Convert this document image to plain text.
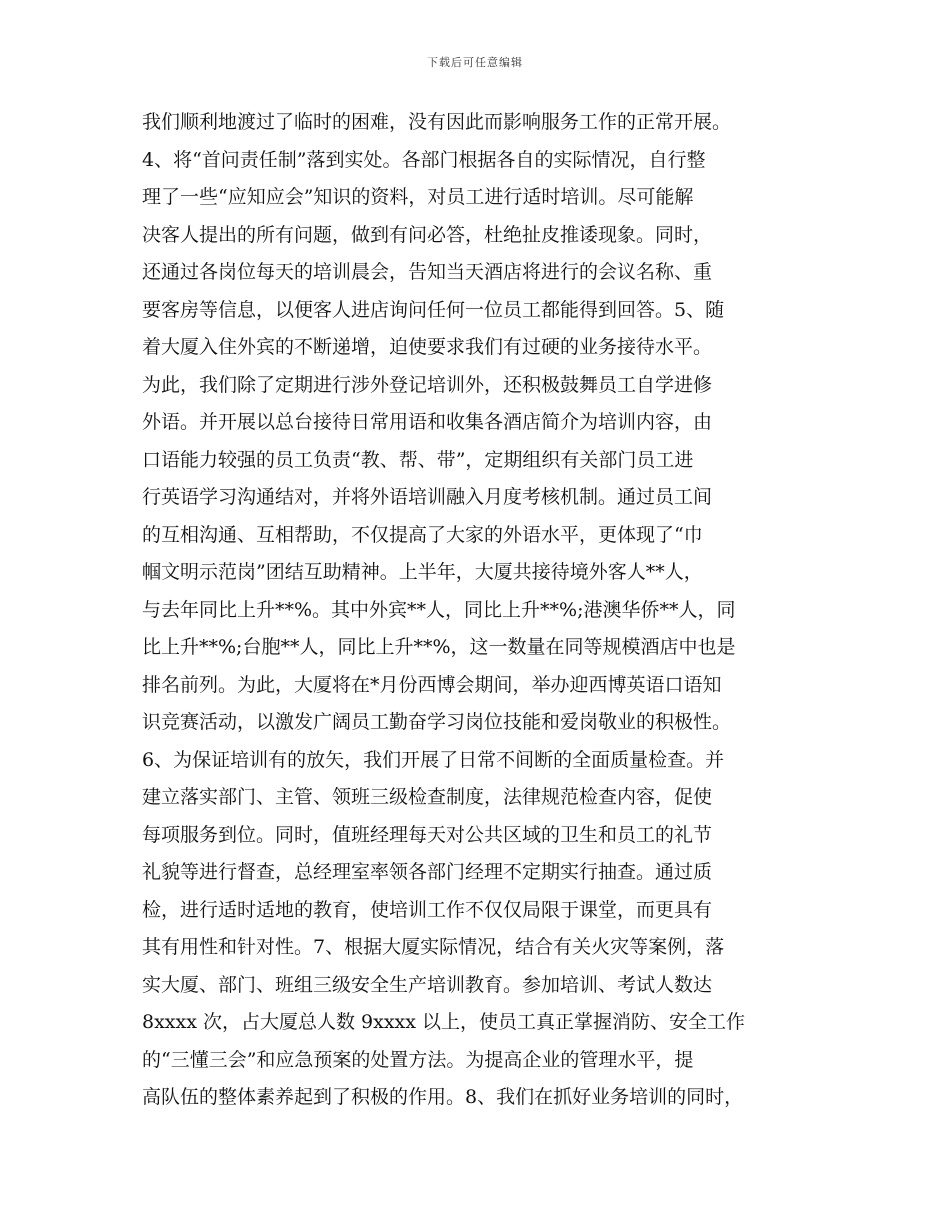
下载后可任意编辑
我们顺利地渡过了临时的困难，没有因此而影响服务工作的正常开展。
4、将“首问责任制”落到实处。各部门根据各自的实际情况，自行整
理了一些“应知应会”知识的资料，对员工进行适时培训。尽可能解
决客人提出的所有问题，做到有问必答，杜绝扯皮推诿现象。同时，
还通过各岗位每天的培训晨会，告知当天酒店将进行的会议名称、重
要客房等信息，以便客人进店询问任何一位员工都能得到回答。5、随
着大厦入住外宾的不断递增，迫使要求我们有过硬的业务接待水平。
为此，我们除了定期进行涉外登记培训外，还积极鼓舞员工自学进修
外语。并开展以总台接待日常用语和收集各酒店简介为培训内容，由
口语能力较强的员工负责“教、帮、带”，定期组织有关部门员工进
行英语学习沟通结对，并将外语培训融入月度考核机制。通过员工间
的互相沟通、互相帮助，不仅提高了大家的外语水平，更体现了“巾
帼文明示范岗”团结互助精神。上半年，大厦共接待境外客人**人，
与去年同比上升**%。其中外宾**人，同比上升**%;港澳华侨**人，同
比上升**%;台胞**人，同比上升**%，这一数量在同等规模酒店中也是
排名前列。为此，大厦将在*月份西博会期间，举办迎西博英语口语知
识竞赛活动，以激发广阔员工勤奋学习岗位技能和爱岗敬业的积极性。
6、为保证培训有的放矢，我们开展了日常不间断的全面质量检查。并
建立落实部门、主管、领班三级检查制度，法律规范检查内容，促使
每项服务到位。同时，值班经理每天对公共区域的卫生和员工的礼节
礼貌等进行督查，总经理室率领各部门经理不定期实行抽查。通过质
检，进行适时适地的教育，使培训工作不仅仅局限于课堂，而更具有
其有用性和针对性。7、根据大厦实际情况，结合有关火灾等案例，落
实大厦、部门、班组三级安全生产培训教育。参加培训、考试人数达
8xxxx 次，占大厦总人数 9xxxx 以上，使员工真正掌握消防、安全工作
的“三懂三会”和应急预案的处置方法。为提高企业的管理水平，提
高队伍的整体素养起到了积极的作用。8、我们在抓好业务培训的同时，
